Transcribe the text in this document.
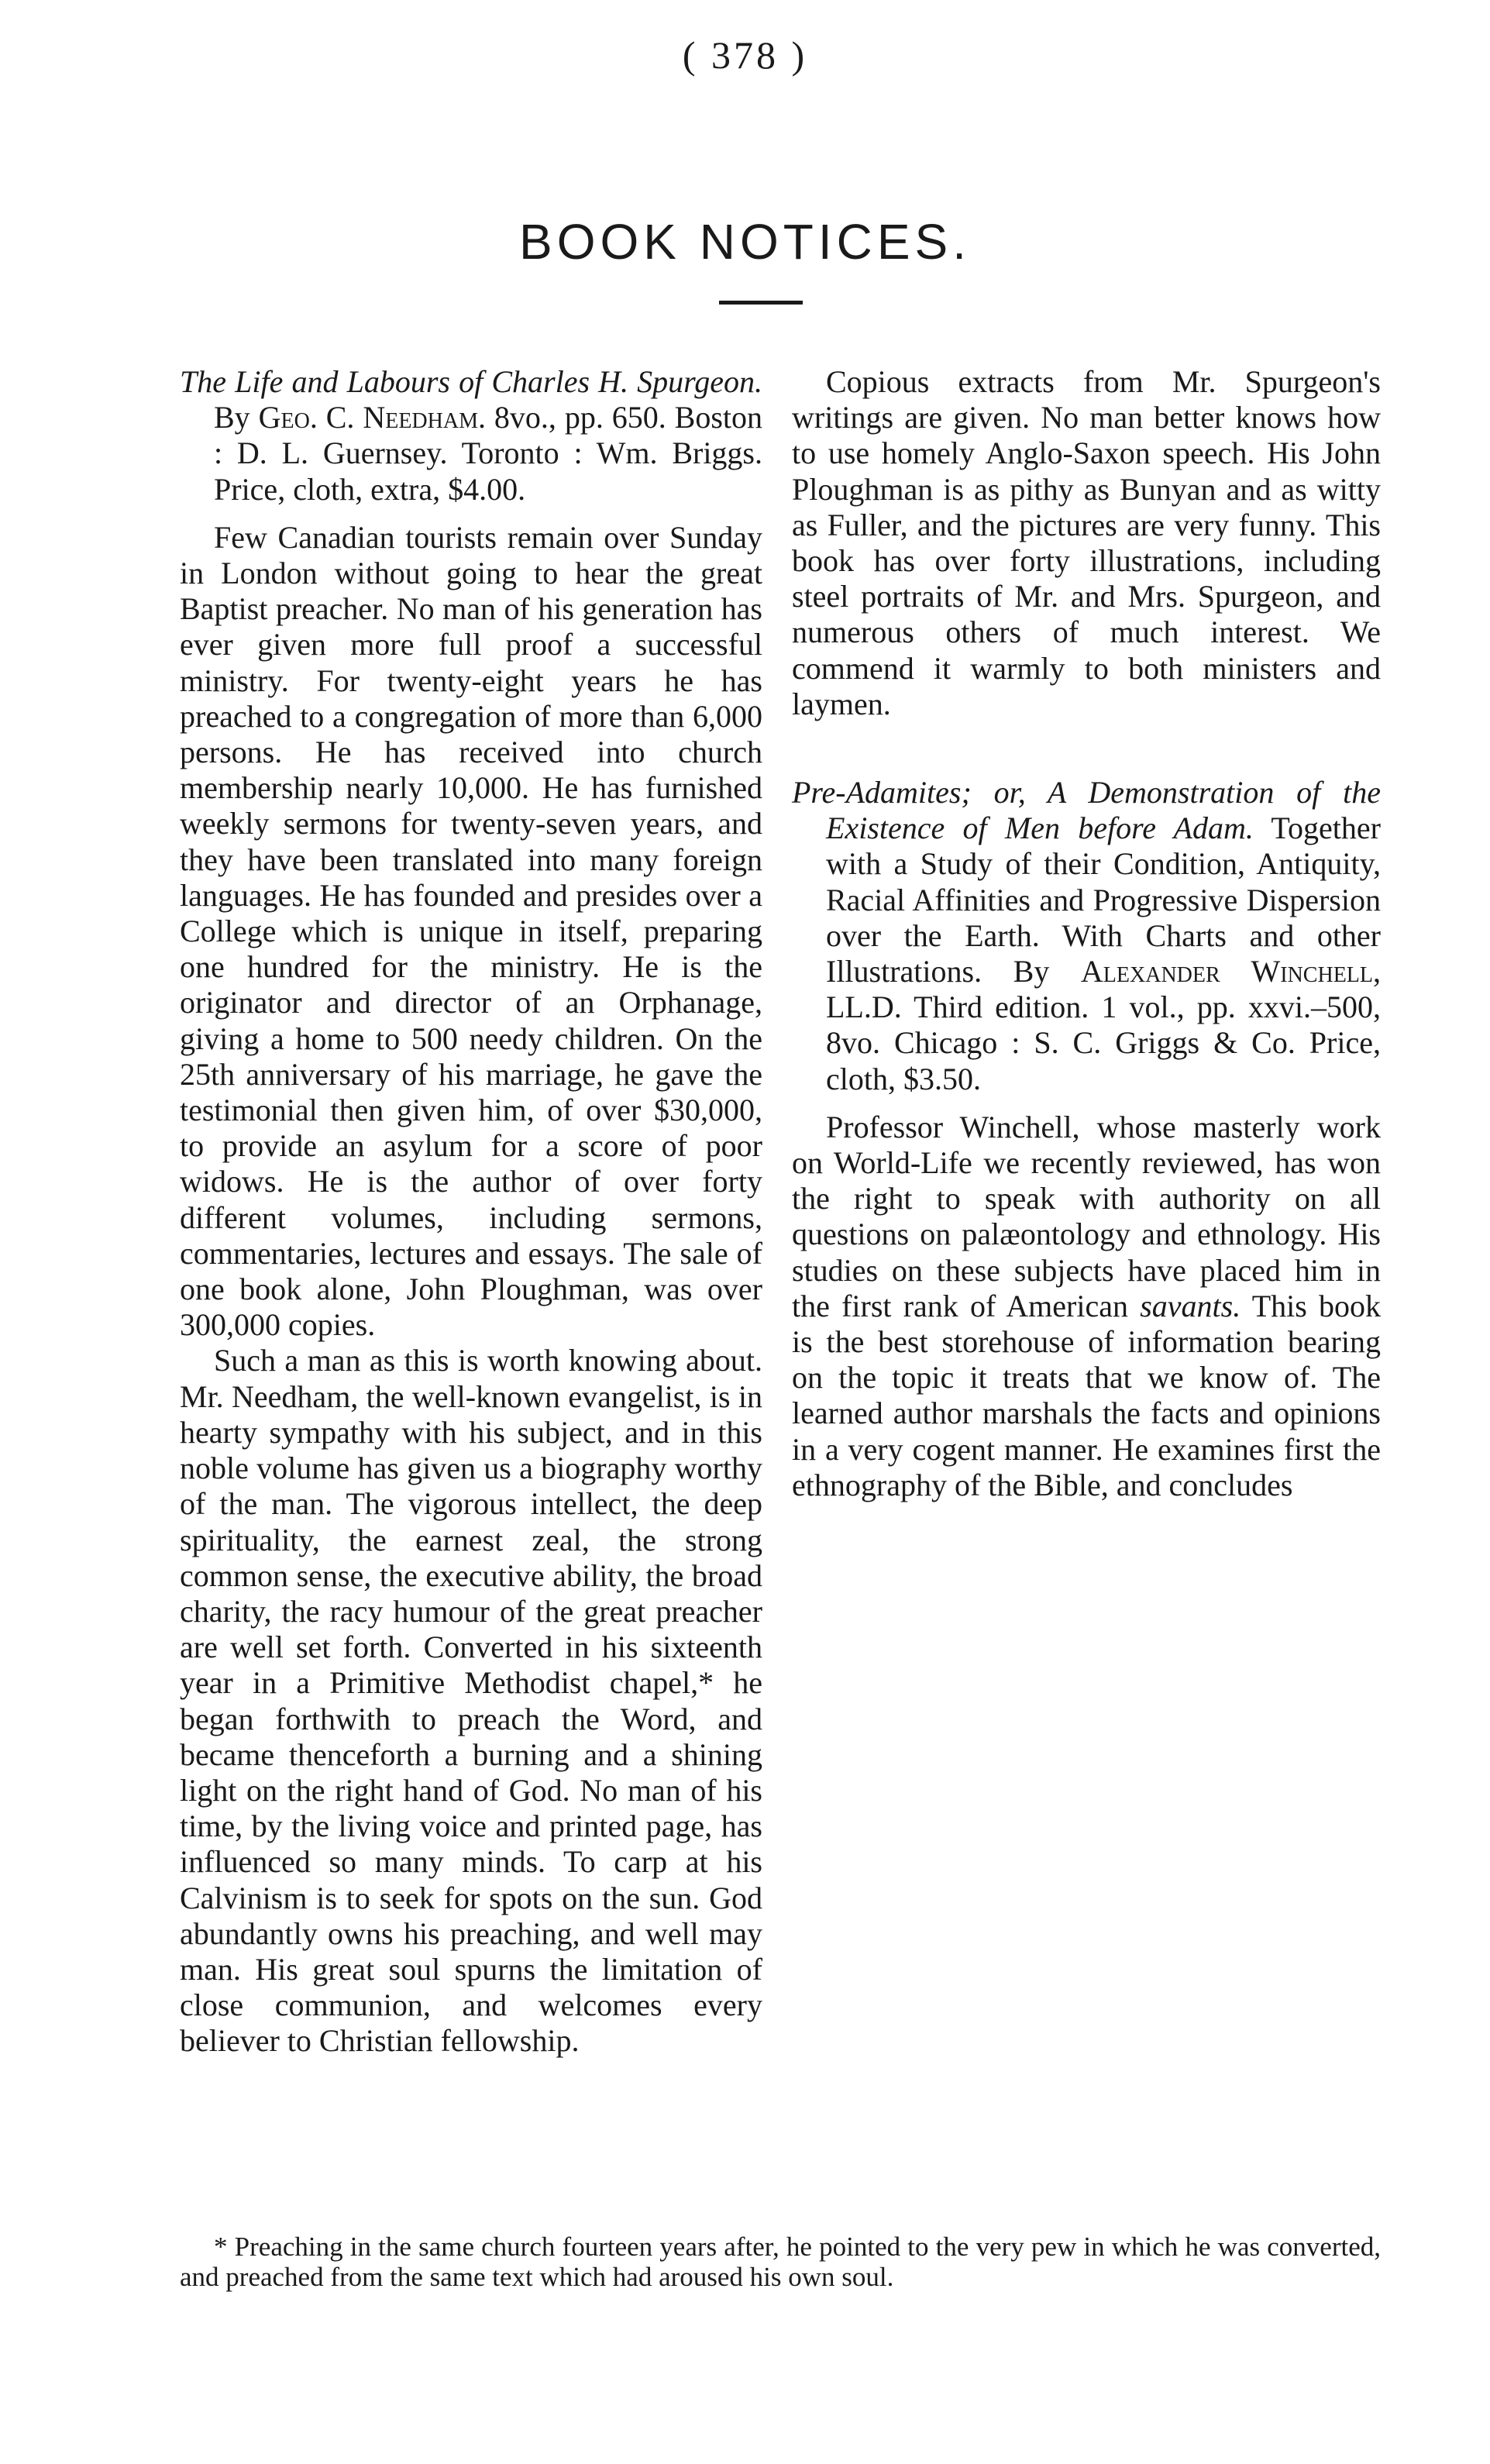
( 378 )
BOOK NOTICES.

The Life and Labours of Charles H. Spurgeon. By Geo. C. Needham. 8vo., pp. 650. Boston : D. L. Guernsey. Toronto : Wm. Briggs. Price, cloth, extra, $4.00.

Few Canadian tourists remain over Sunday in London without going to hear the great Baptist preacher. No man of his generation has ever given more full proof a successful ministry. For twenty-eight years he has preached to a congregation of more than 6,000 persons. He has received into church membership nearly 10,000. He has furnished weekly sermons for twenty-seven years, and they have been translated into many foreign languages. He has founded and presides over a College which is unique in itself, preparing one hundred for the ministry. He is the originator and director of an Orphanage, giving a home to 500 needy children. On the 25th anniversary of his marriage, he gave the testimonial then given him, of over $30,000, to provide an asylum for a score of poor widows. He is the author of over forty different volumes, including sermons, commentaries, lectures and essays. The sale of one book alone, John Ploughman, was over 300,000 copies.

Such a man as this is worth knowing about. Mr. Needham, the well-known evangelist, is in hearty sympathy with his subject, and in this noble volume has given us a biography worthy of the man. The vigorous intellect, the deep spirituality, the earnest zeal, the strong common sense, the executive ability, the broad charity, the racy humour of the great preacher are well set forth. Converted in his sixteenth year in a Primitive Methodist chapel,* he began forthwith to preach the Word, and became thenceforth a burning and a shining light on the right hand of God. No man of his time, by the living voice and printed page, has influenced so many minds. To carp at his Calvinism is to seek for spots on the sun. God abundantly owns his preaching, and well may man. His great soul spurns the limitation of close communion, and welcomes every believer to Christian fellowship.

Copious extracts from Mr. Spurgeon's writings are given. No man better knows how to use homely Anglo-Saxon speech. His John Ploughman is as pithy as Bunyan and as witty as Fuller, and the pictures are very funny. This book has over forty illustrations, including steel portraits of Mr. and Mrs. Spurgeon, and numerous others of much interest. We commend it warmly to both ministers and laymen.

Pre-Adamites; or, A Demonstration of the Existence of Men before Adam. Together with a Study of their Condition, Antiquity, Racial Affinities and Progressive Dispersion over the Earth. With Charts and other Illustrations. By Alexander Winchell, LL.D. Third edition. 1 vol., pp. xxvi.–500, 8vo. Chicago : S. C. Griggs & Co. Price, cloth, $3.50.

Professor Winchell, whose masterly work on World-Life we recently reviewed, has won the right to speak with authority on all questions on palæontology and ethnology. His studies on these subjects have placed him in the first rank of American savants. This book is the best storehouse of information bearing on the topic it treats that we know of. The learned author marshals the facts and opinions in a very cogent manner. He examines first the ethnography of the Bible, and concludes

* Preaching in the same church fourteen years after, he pointed to the very pew in which he was converted, and preached from the same text which had aroused his own soul.
